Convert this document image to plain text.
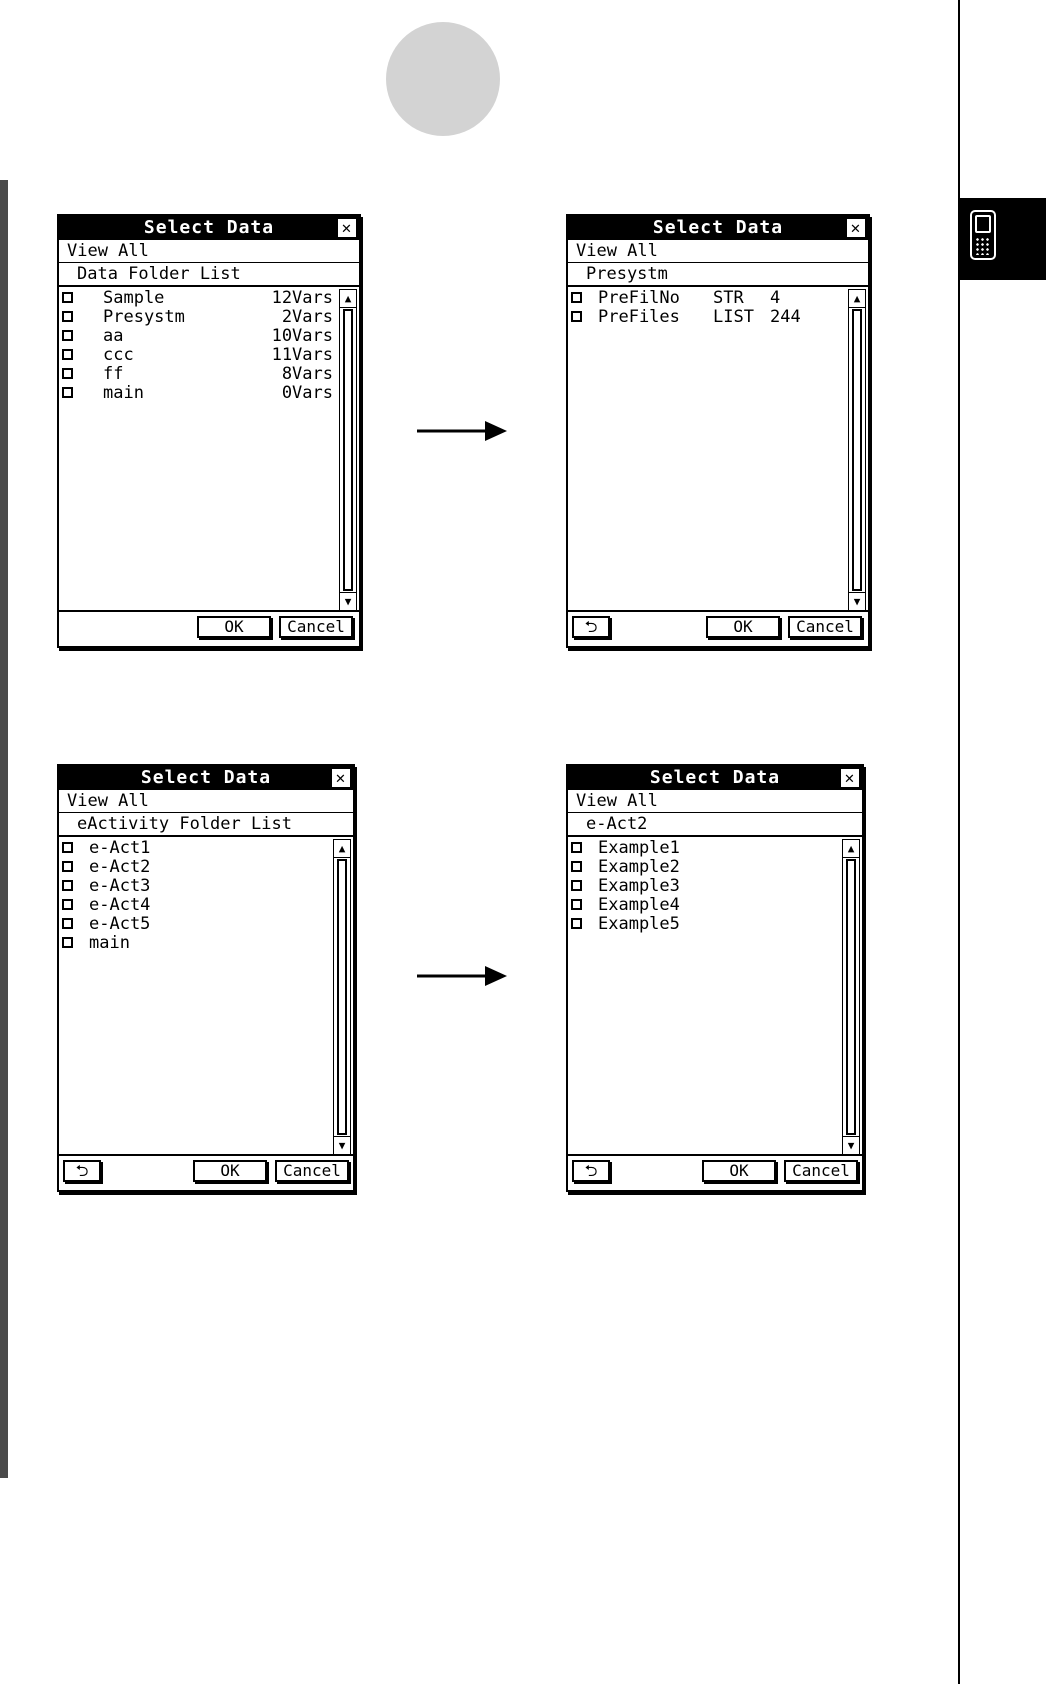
Select Data	✕
View All
Data Folder List
Sample	12Vars
Presystm	2Vars
aa	10Vars
ccc	11Vars
ff	8Vars
main	0Vars
▲
▼
OK	Cancel
Select Data	✕
View All
Presystm
PreFilNo STR 4
PreFiles LIST 244
▲
▼
⮌	OK	Cancel
Select Data	✕
View All
eActivity Folder List
e-Act1
e-Act2
e-Act3
e-Act4
e-Act5
main
▲
▼
⮌	OK	Cancel
Select Data	✕
View All
e-Act2
Example1
Example2
Example3
Example4
Example5
▲
▼
⮌	OK	Cancel
